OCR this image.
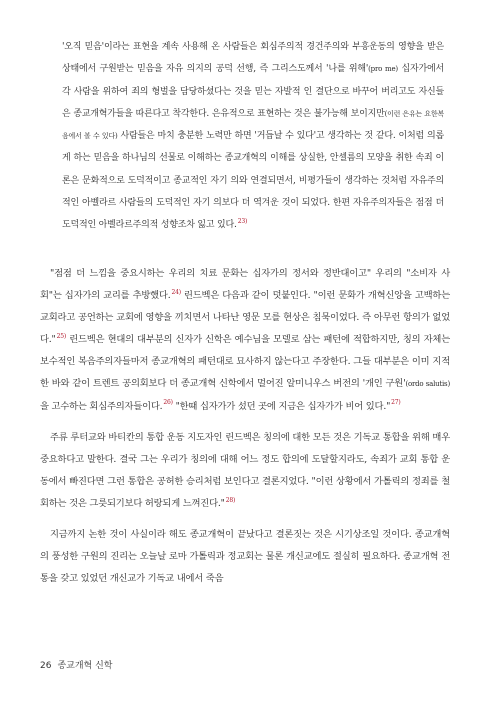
'오직 믿음'이라는 표현을 계속 사용해 온 사람들은 회심주의적 경건주의와 부흥운동의 영향을 받은 상태에서 구원받는 믿음을 자유 의지의 공덕 선행, 즉 그리스도께서 '나를 위해'(pro me) 십자가에서 각 사람을 위하여 죄의 형벌을 담당하셨다는 것을 믿는 자발적 인 결단으로 바꾸어 버리고도 자신들은 종교개혁가들을 따른다고 착각한다. 은유적으로 표현하는 것은 불가능해 보이지만(이런 은유는 요한복음에서 볼 수 있다) 사람들은 마치 충분한 노력만 하면 '거듭날 수 있다'고 생각하는 것 같다. 이처럼 의롭게 하는 믿음을 하나님의 선물로 이해하는 종교개혁의 이해를 상실한, 안셀름의 모양을 취한 속죄 이론은 문화적으로 도덕적이고 종교적인 자기 의와 연결되면서, 비평가들이 생각하는 것처럼 자유주의적인 아벨라르 사람들의 도덕적인 자기 의보다 더 역겨운 것이 되었다. 한편 자유주의자들은 점점 더 도덕적인 아벨라르주의적 성향조차 잃고 있다.$^{23)}$

"점점 더 느낌을 중요시하는 우리의 치료 문화는 십자가의 정서와 정반대이고" 우리의 "소비자 사회"는 십자가의 교리를 추방했다.$^{24)}$ 린드벡은 다음과 같이 덧붙인다. "이런 문화가 개혁신앙을 고백하는 교회라고 공언하는 교회에 영향을 끼치면서 나타난 영문 모를 현상은 침묵이었다. 즉 아무런 항의가 없었다."$^{25)}$ 린드벡은 현대의 대부분의 신자가 신학은 예수님을 모델로 삼는 패턴에 적합하지만, 칭의 자체는 보수적인 복음주의자들마저 종교개혁의 패턴대로 묘사하지 않는다고 주장한다. 그들 대부분은 이미 지적한 바와 같이 트렌트 공의회보다 더 종교개혁 신학에서 멀어진 알미니우스 버전의 '개인 구원'(ordo salutis)을 고수하는 회심주의자들이다.$^{26)}$ "한때 십자가가 섰던 곳에 지금은 십자가가 비어 있다."$^{27)}$

주류 루터교와 바티칸의 통합 운동 지도자인 린드벡은 칭의에 대한 모든 것은 기독교 통합을 위해 매우 중요하다고 말한다. 결국 그는 우리가 칭의에 대해 어느 정도 합의에 도달할지라도, 속죄가 교회 통합 운동에서 빠진다면 그런 통합은 공허한 승리처럼 보인다고 결론지었다. "이런 상황에서 가톨릭의 정죄를 철회하는 것은 그릇되기보다 허랑되게 느껴진다."$^{28)}$

지금까지 논한 것이 사실이라 해도 종교개혁이 끝났다고 결론짓는 것은 시기상조일 것이다. 종교개혁의 풍성한 구원의 진리는 오늘날 로마 가톨릭과 정교회는 물론 개신교에도 절실히 필요하다. 종교개혁 전통을 갖고 있었던 개신교가 기독교 내에서 죽음

26 종교개혁 신학
